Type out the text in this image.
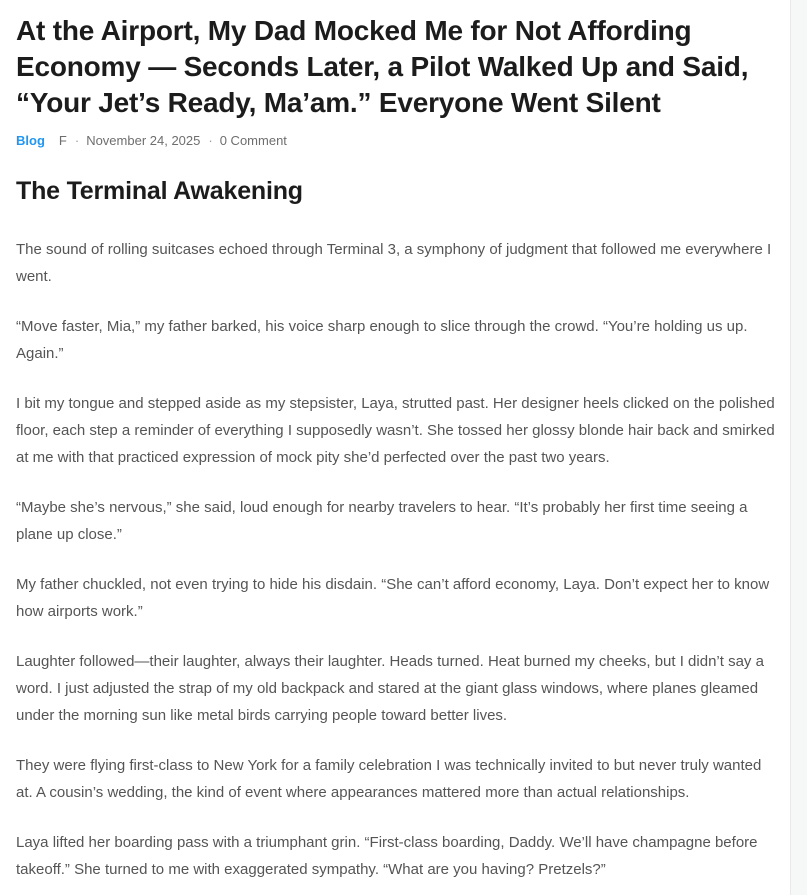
At the Airport, My Dad Mocked Me for Not Affording Economy — Seconds Later, a Pilot Walked Up and Said, “Your Jet’s Ready, Ma’am.” Everyone Went Silent
Blog F · November 24, 2025 · 0 Comment
The Terminal Awakening

The sound of rolling suitcases echoed through Terminal 3, a symphony of judgment that followed me everywhere I went.

“Move faster, Mia,” my father barked, his voice sharp enough to slice through the crowd. “You’re holding us up. Again.”

I bit my tongue and stepped aside as my stepsister, Laya, strutted past. Her designer heels clicked on the polished floor, each step a reminder of everything I supposedly wasn’t. She tossed her glossy blonde hair back and smirked at me with that practiced expression of mock pity she’d perfected over the past two years.

“Maybe she’s nervous,” she said, loud enough for nearby travelers to hear. “It’s probably her first time seeing a plane up close.”

My father chuckled, not even trying to hide his disdain. “She can’t afford economy, Laya. Don’t expect her to know how airports work.”

Laughter followed—their laughter, always their laughter. Heads turned. Heat burned my cheeks, but I didn’t say a word. I just adjusted the strap of my old backpack and stared at the giant glass windows, where planes gleamed under the morning sun like metal birds carrying people toward better lives.

They were flying first-class to New York for a family celebration I was technically invited to but never truly wanted at. A cousin’s wedding, the kind of event where appearances mattered more than actual relationships.

Laya lifted her boarding pass with a triumphant grin. “First-class boarding, Daddy. We’ll have champagne before takeoff.” She turned to me with exaggerated sympathy. “What are you having? Pretzels?”
